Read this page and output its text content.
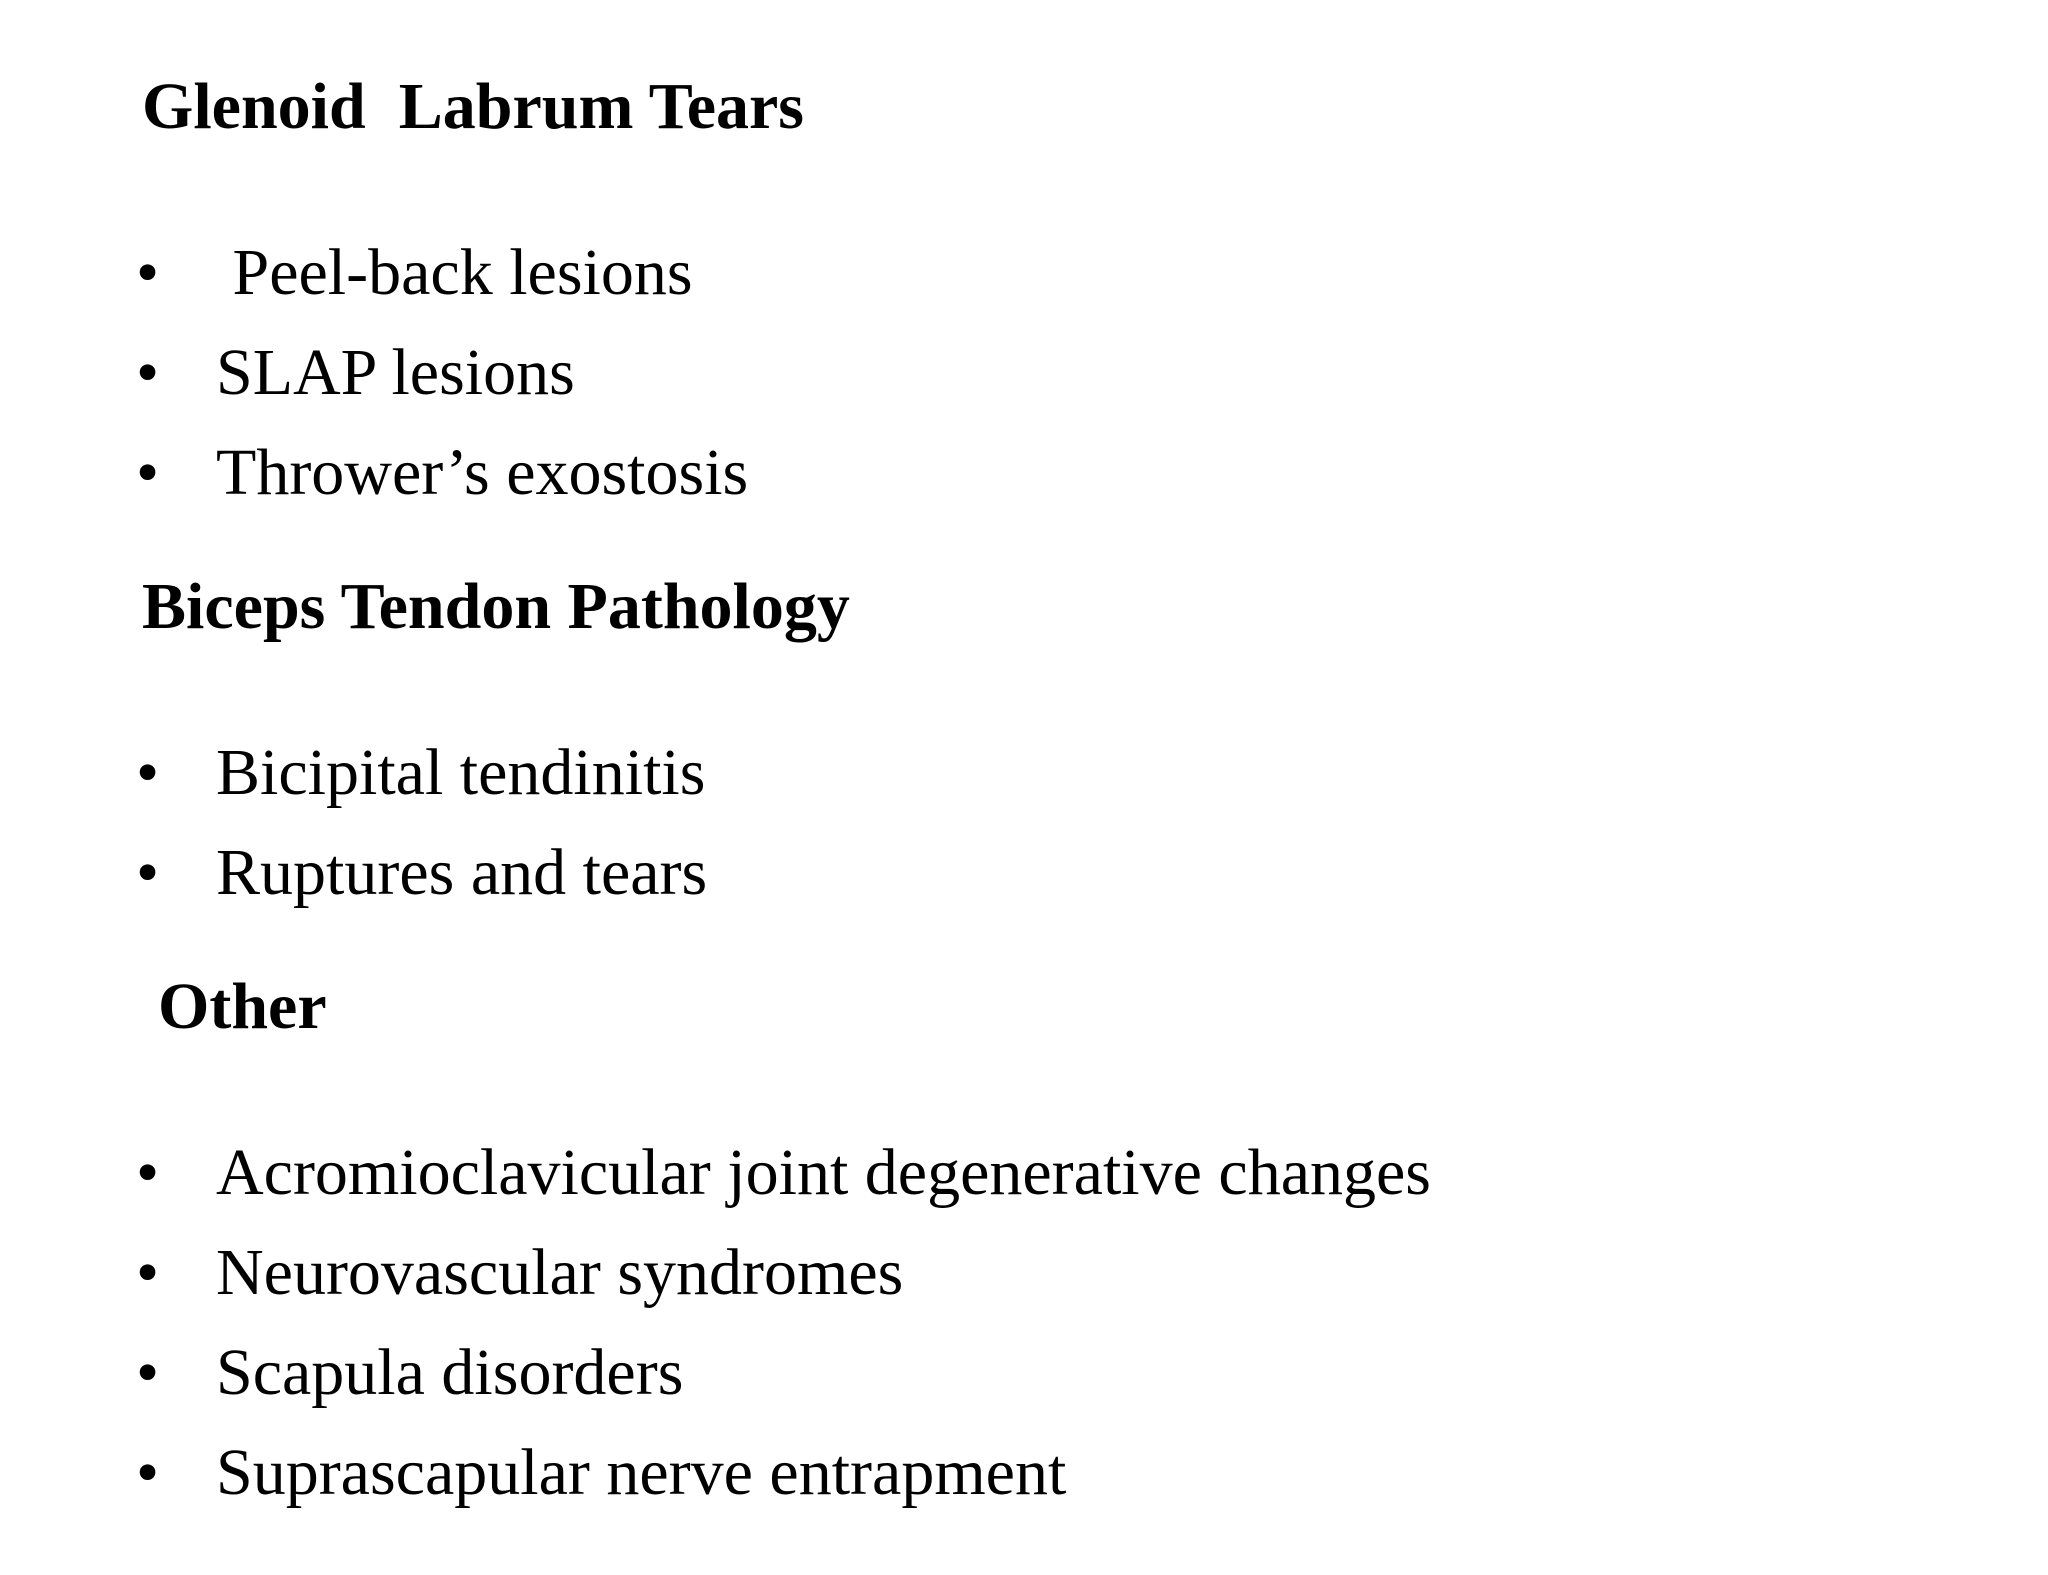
Glenoid  Labrum Tears

• Peel-back lesions

• SLAP lesions

• Thrower’s exostosis

Biceps Tendon Pathology

• Bicipital tendinitis

• Ruptures and tears

Other

• Acromioclavicular joint degenerative changes

• Neurovascular syndromes

• Scapula disorders

• Suprascapular nerve entrapment
